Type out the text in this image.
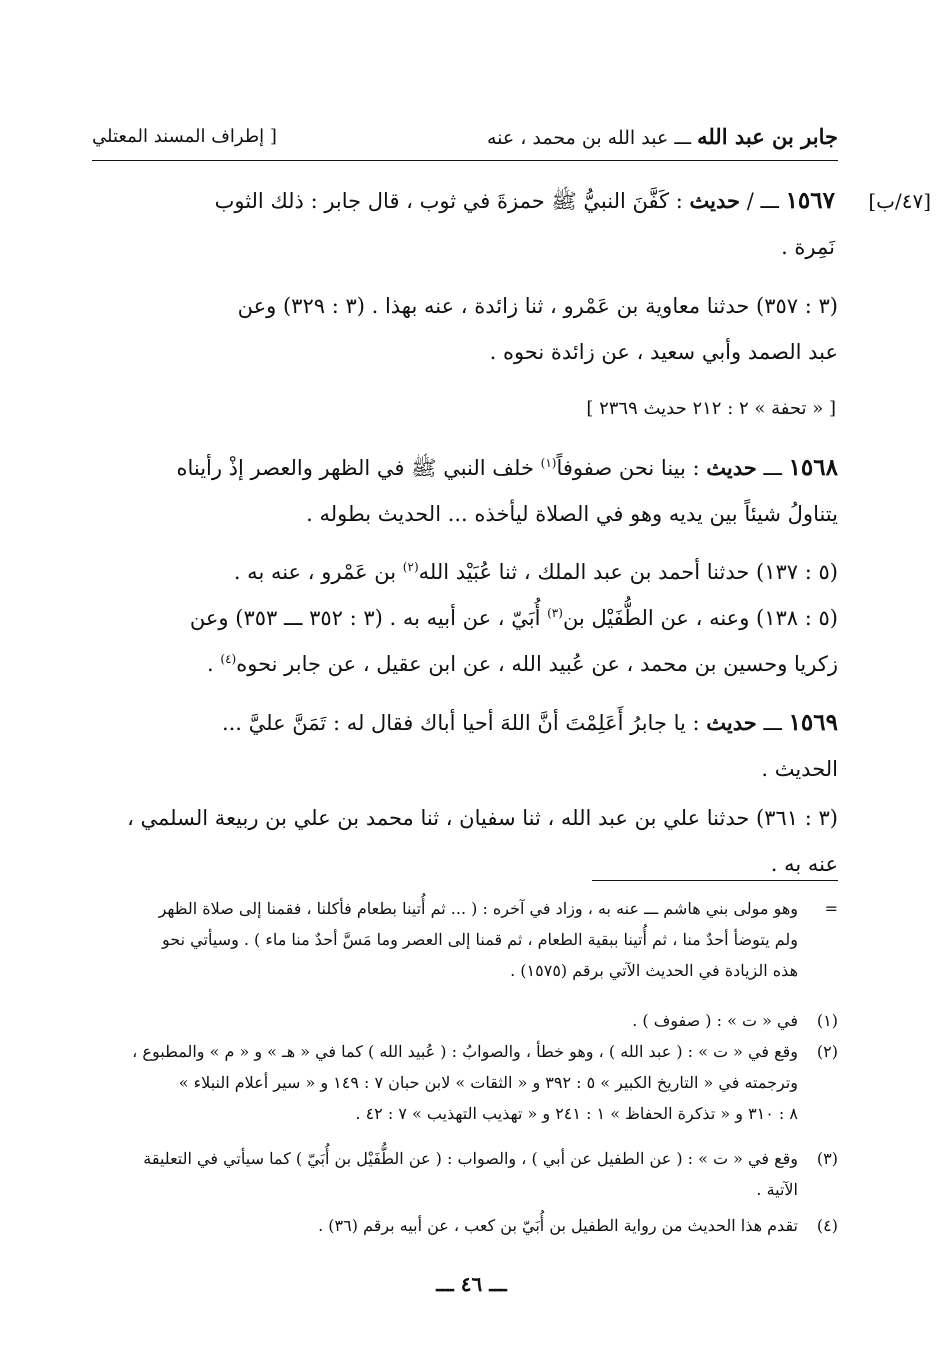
جابر بن عبد الله ـــ عبد الله بن محمد ، عنه
[ إطراف المسند المعتلي
[٤٧/ب]
١٥٦٧ ـــ / حديث : كَفَّنَ النبيُّ ﷺ حمزةَ في ثوب ، قال جابر : ذلك الثوب
نَمِرة .
(٣ : ٣٥٧) حدثنا معاوية بن عَمْرو ، ثنا زائدة ، عنه بهذا . (٣ : ٣٢٩) وعن
عبد الصمد وأبي سعيد ، عن زائدة نحوه .
[ « تحفة » ٢ : ٢١٢ حديث ٢٣٦٩ ]
١٥٦٨ ـــ حديث : بينا نحن صفوفاً$^{(١)}$ خلف النبي ﷺ في الظهر والعصر إذْ رأيناه
يتناولُ شيئاً بين يديه وهو في الصلاة ليأخذه ... الحديث بطوله .
(٥ : ١٣٧) حدثنا أحمد بن عبد الملك ، ثنا عُبَيْد الله$^{(٢)}$ بن عَمْرو ، عنه به .
(٥ : ١٣٨) وعنه ، عن الطُّفَيْل بن$^{(٣)}$ أُبَيّ ، عن أبيه به . (٣ : ٣٥٢ ـــ ٣٥٣) وعن
زكريا وحسين بن محمد ، عن عُبيد الله ، عن ابن عقيل ، عن جابر نحوه$^{(٤)}$ .
١٥٦٩ ـــ حديث : يا جابرُ أَعَلِمْتَ أنَّ اللهَ أحيا أباك فقال له : تَمَنَّ عليَّ ...
الحديث .
(٣ : ٣٦١) حدثنا علي بن عبد الله ، ثنا سفيان ، ثنا محمد بن علي بن ربيعة السلمي ،
عنه به .
=
وهو مولى بني هاشم ـــ عنه به ، وزاد في آخره : ( ... ثم أُتينا بطعام فأكلنا ، فقمنا إلى صلاة الظهر
ولم يتوضأ أحدٌ منا ، ثم أُتينا ببقية الطعام ، ثم قمنا إلى العصر وما مَسَّ أحدٌ منا ماء ) . وسيأتي نحو
هذه الزيادة في الحديث الآتي برقم (١٥٧٥) .
(١)
في « ت » : ( صفوف ) .
(٢)
وقع في « ت » : ( عبد الله ) ، وهو خطأ ، والصوابُ : ( عُبيد الله ) كما في « هـ » و « م » والمطبوع ،
وترجمته في « التاريخ الكبير » ٥ : ٣٩٢ و « الثقات » لابن حبان ٧ : ١٤٩ و « سير أعلام النبلاء »
٨ : ٣١٠ و « تذكرة الحفاظ » ١ : ٢٤١ و « تهذيب التهذيب » ٧ : ٤٢ .
(٣)
وقع في « ت » : ( عن الطفيل عن أبي ) ، والصواب : ( عن الطُّفَيْل بن أُبَيّ ) كما سيأتي في التعليقة
الآتية .
(٤)
تقدم هذا الحديث من رواية الطفيل بن أُبَيّ بن كعب ، عن أبيه برقم (٣٦) .
ـــ ٤٦ ـــ
